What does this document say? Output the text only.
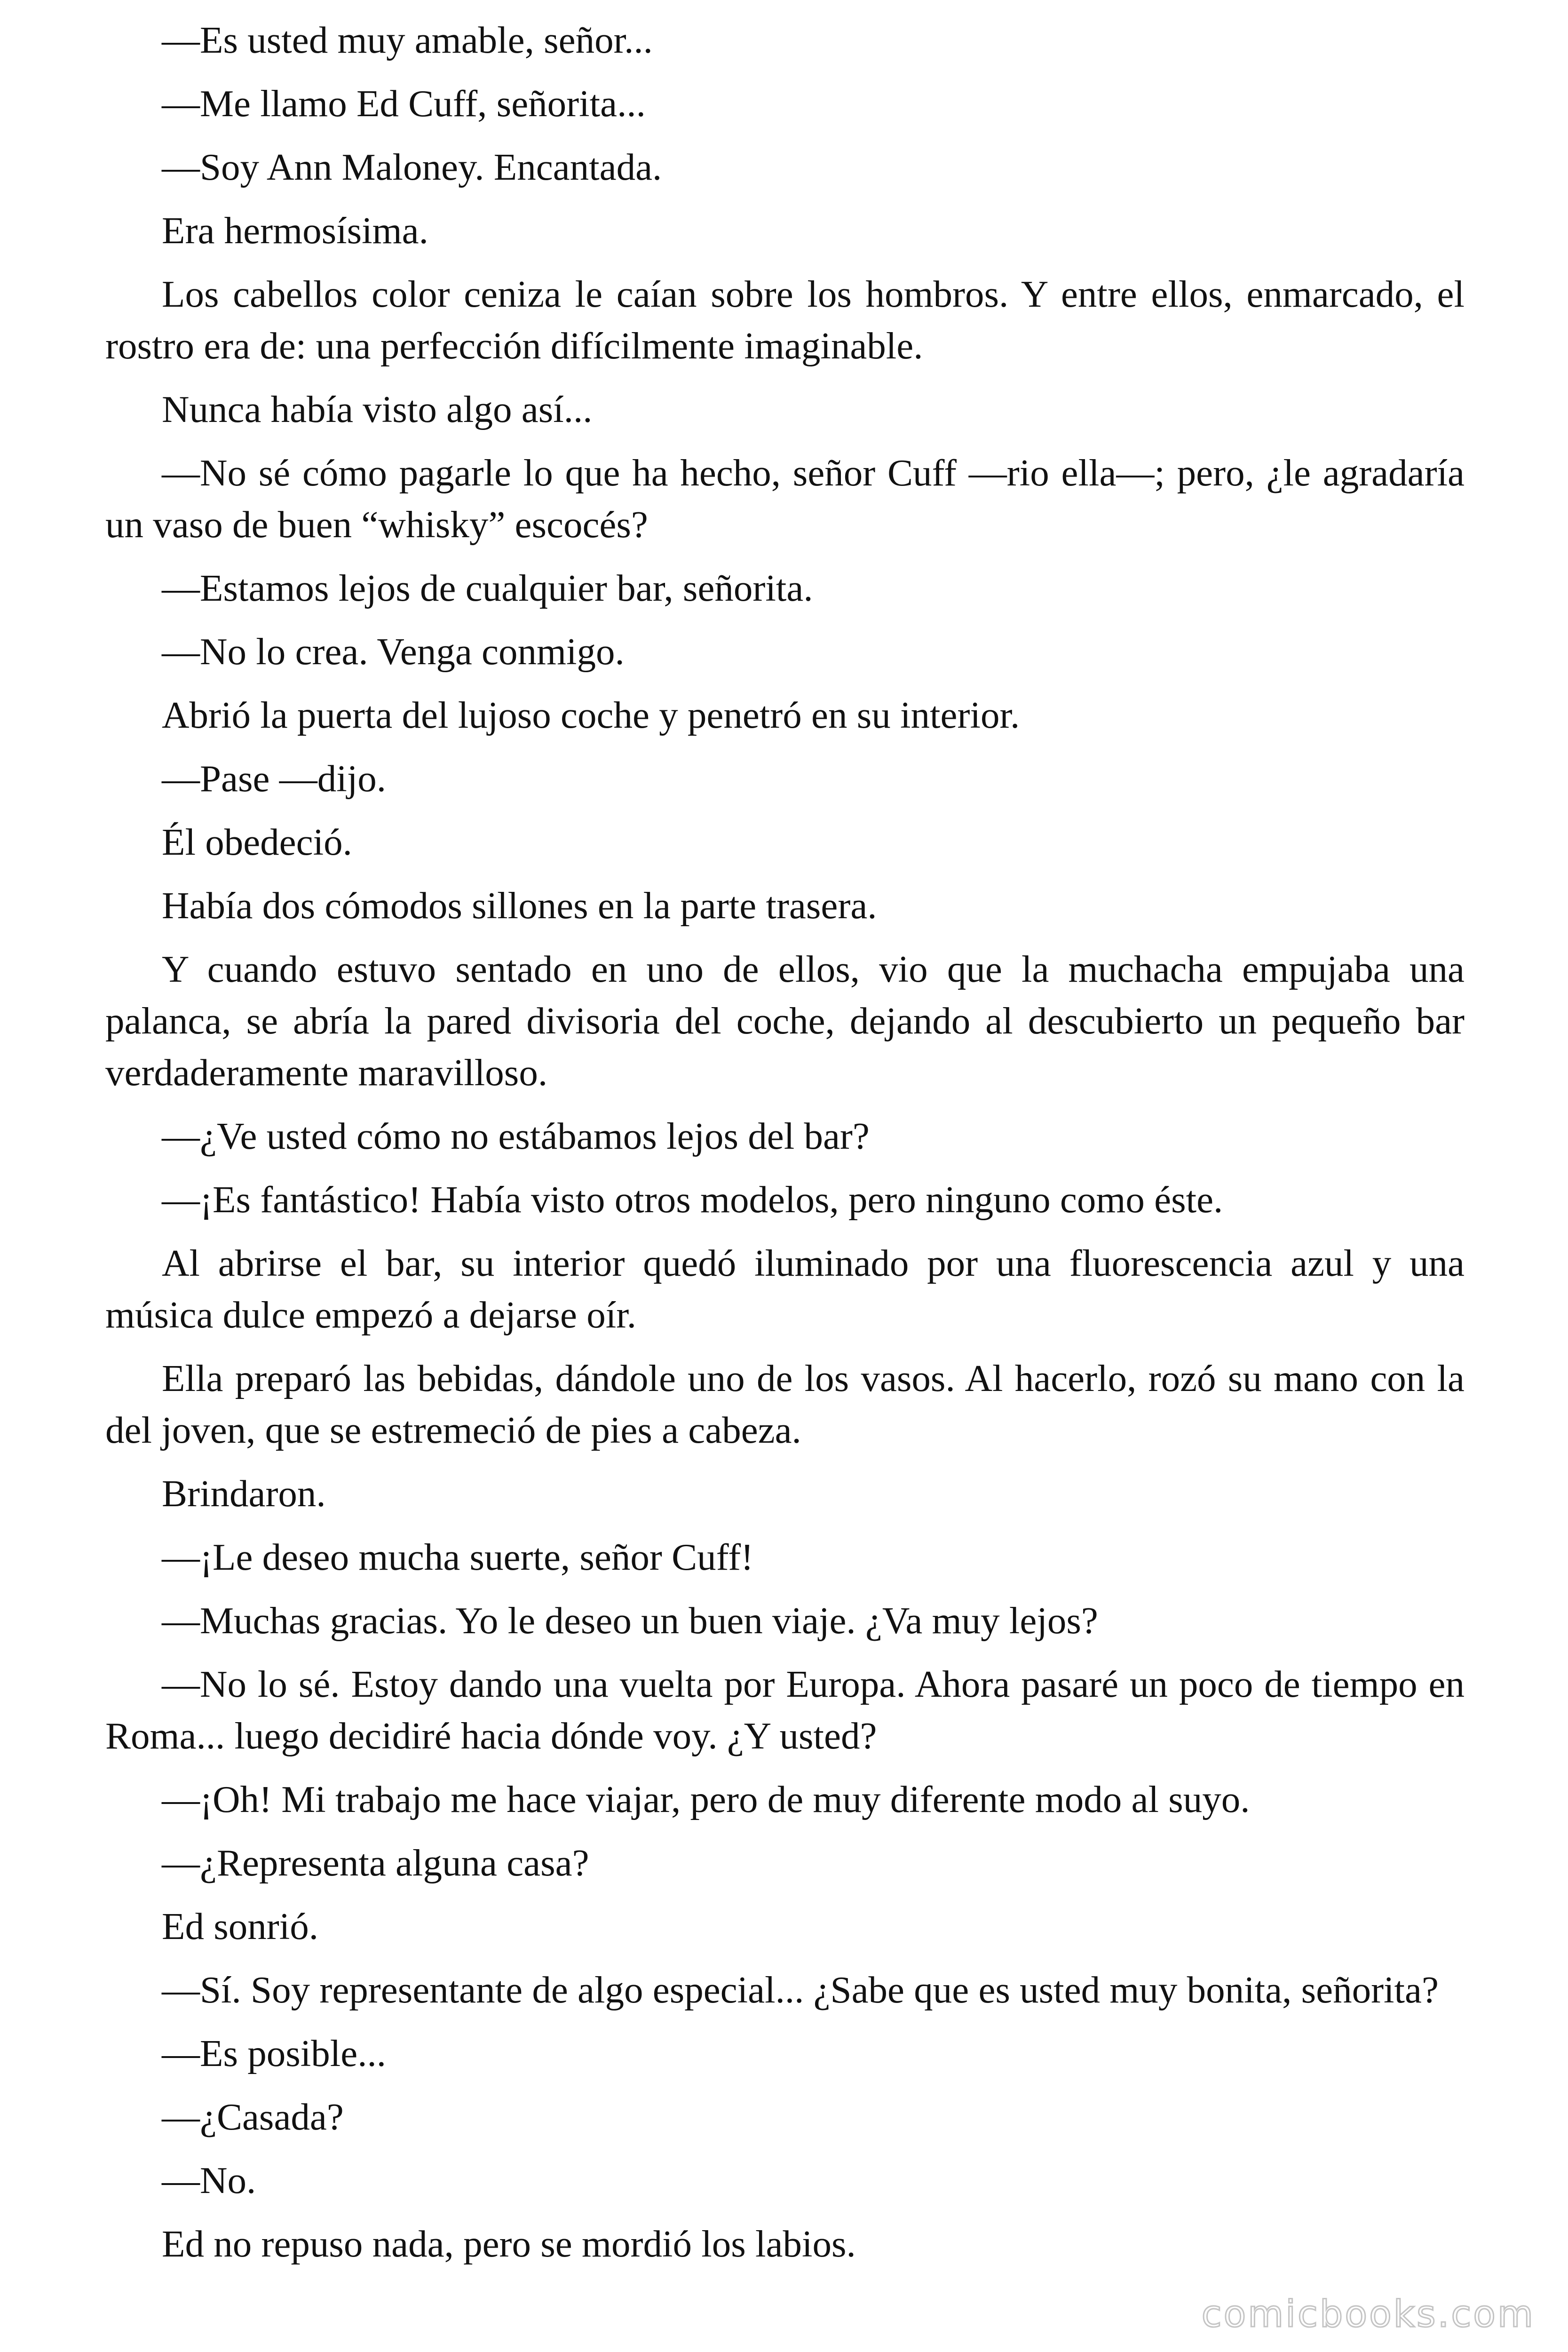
—Es usted muy amable, señor...

—Me llamo Ed Cuff, señorita...

—Soy Ann Maloney. Encantada.

Era hermosísima.

Los cabellos color ceniza le caían sobre los hombros. Y entre ellos, enmarcado, el rostro era de: una perfección difícilmente imaginable.

Nunca había visto algo así...

—No sé cómo pagarle lo que ha hecho, señor Cuff —rio ella—; pero, ¿le agradaría un vaso de buen “whisky” escocés?

—Estamos lejos de cualquier bar, señorita.

—No lo crea. Venga conmigo.

Abrió la puerta del lujoso coche y penetró en su interior.

—Pase —dijo.

Él obedeció.

Había dos cómodos sillones en la parte trasera.

Y cuando estuvo sentado en uno de ellos, vio que la muchacha empujaba una palanca, se abría la pared divisoria del coche, dejando al descubierto un pequeño bar verdaderamente maravilloso.

—¿Ve usted cómo no estábamos lejos del bar?

—¡Es fantástico! Había visto otros modelos, pero ninguno como éste.

Al abrirse el bar, su interior quedó iluminado por una fluorescencia azul y una música dulce empezó a dejarse oír.

Ella preparó las bebidas, dándole uno de los vasos. Al hacerlo, rozó su mano con la del joven, que se estremeció de pies a cabeza.

Brindaron.

—¡Le deseo mucha suerte, señor Cuff!

—Muchas gracias. Yo le deseo un buen viaje. ¿Va muy lejos?

—No lo sé. Estoy dando una vuelta por Europa. Ahora pasaré un poco de tiempo en Roma... luego decidiré hacia dónde voy. ¿Y usted?

—¡Oh! Mi trabajo me hace viajar, pero de muy diferente modo al suyo.

—¿Representa alguna casa?

Ed sonrió.

—Sí. Soy representante de algo especial... ¿Sabe que es usted muy bonita, señorita?

—Es posible...

—¿Casada?

—No.

Ed no repuso nada, pero se mordió los labios.

comicbooks.com
